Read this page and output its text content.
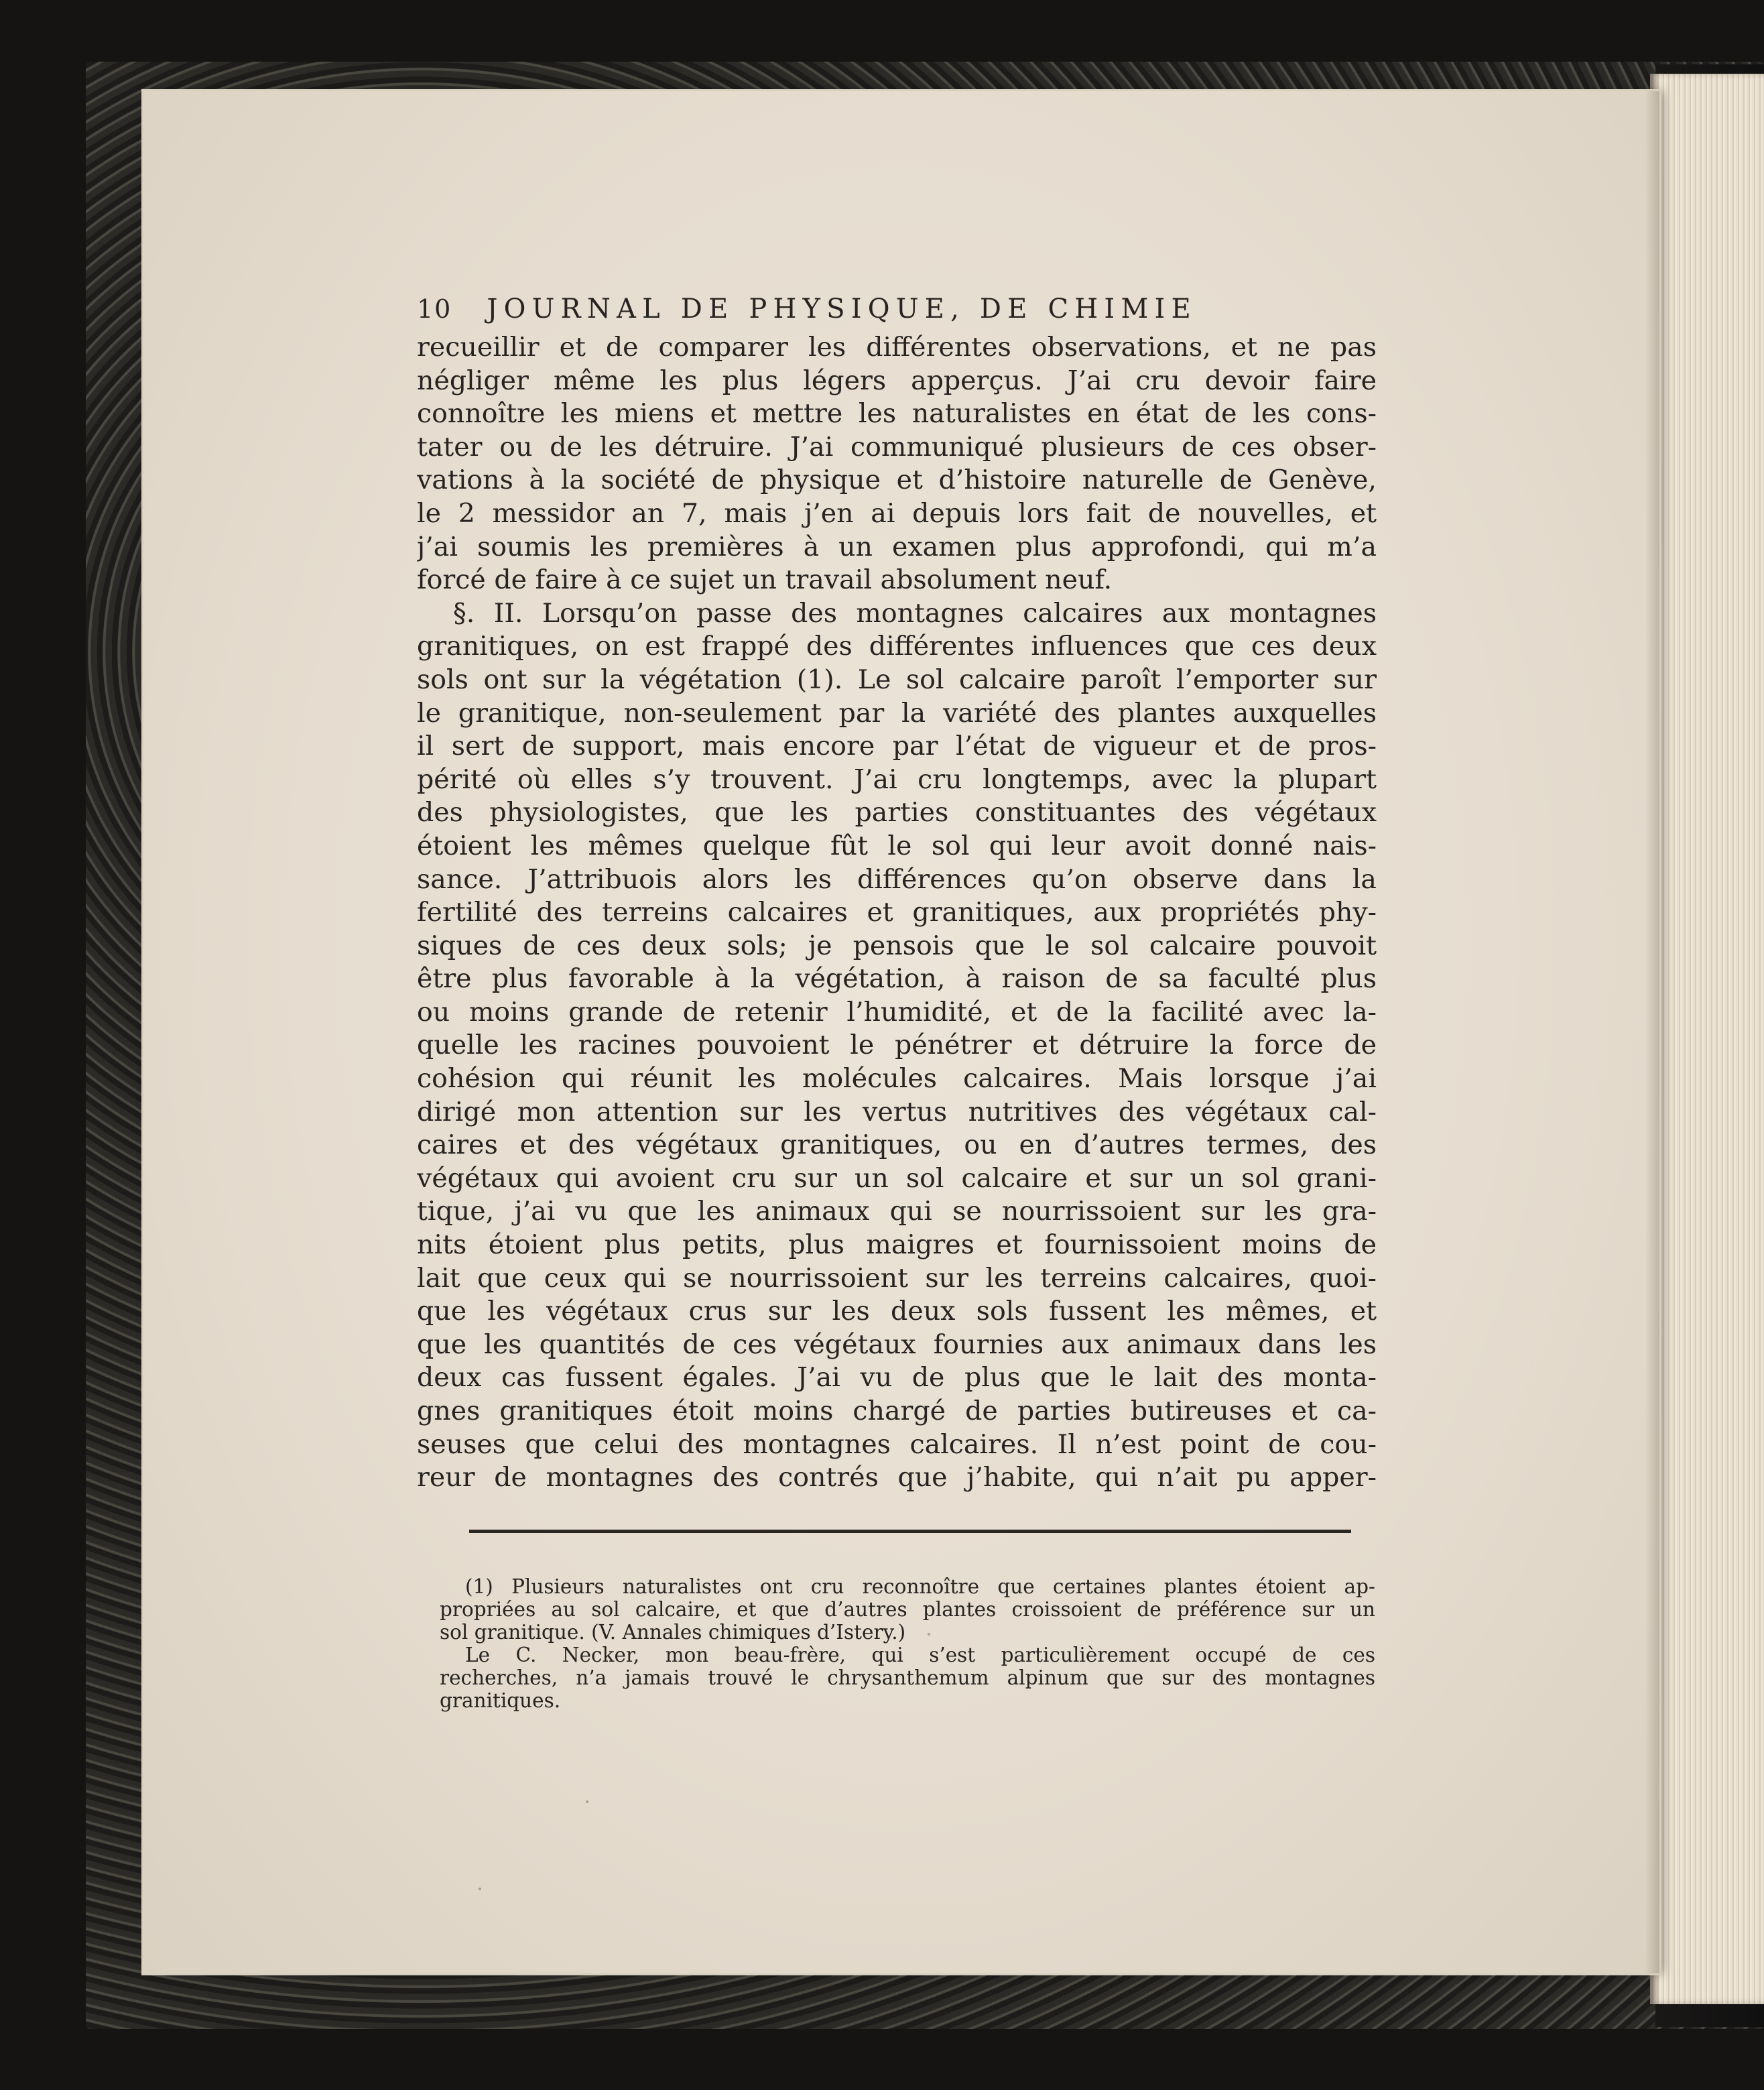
10 JOURNAL DE PHYSIQUE, DE CHIMIE
recueillir et de comparer les différentes observations, et ne pas
négliger même les plus légers apperçus. J’ai cru devoir faire
connoître les miens et mettre les naturalistes en état de les cons-
tater ou de les détruire. J’ai communiqué plusieurs de ces obser-
vations à la société de physique et d’histoire naturelle de Genève,
le 2 messidor an 7, mais j’en ai depuis lors fait de nouvelles, et
j’ai soumis les premières à un examen plus approfondi, qui m’a
forcé de faire à ce sujet un travail absolument neuf.
§. II. Lorsqu’on passe des montagnes calcaires aux montagnes
granitiques, on est frappé des différentes influences que ces deux
sols ont sur la végétation (1). Le sol calcaire paroît l’emporter sur
le granitique, non-seulement par la variété des plantes auxquelles
il sert de support, mais encore par l’état de vigueur et de pros-
périté où elles s’y trouvent. J’ai cru longtemps, avec la plupart
des physiologistes, que les parties constituantes des végétaux
étoient les mêmes quelque fût le sol qui leur avoit donné nais-
sance. J’attribuois alors les différences qu’on observe dans la
fertilité des terreins calcaires et granitiques, aux propriétés phy-
siques de ces deux sols; je pensois que le sol calcaire pouvoit
être plus favorable à la végétation, à raison de sa faculté plus
ou moins grande de retenir l’humidité, et de la facilité avec la-
quelle les racines pouvoient le pénétrer et détruire la force de
cohésion qui réunit les molécules calcaires. Mais lorsque j’ai
dirigé mon attention sur les vertus nutritives des végétaux cal-
caires et des végétaux granitiques, ou en d’autres termes, des
végétaux qui avoient cru sur un sol calcaire et sur un sol grani-
tique, j’ai vu que les animaux qui se nourrissoient sur les gra-
nits étoient plus petits, plus maigres et fournissoient moins de
lait que ceux qui se nourrissoient sur les terreins calcaires, quoi-
que les végétaux crus sur les deux sols fussent les mêmes, et
que les quantités de ces végétaux fournies aux animaux dans les
deux cas fussent égales. J’ai vu de plus que le lait des monta-
gnes granitiques étoit moins chargé de parties butireuses et ca-
seuses que celui des montagnes calcaires. Il n’est point de cou-
reur de montagnes des contrés que j’habite, qui n’ait pu apper-
(1) Plusieurs naturalistes ont cru reconnoître que certaines plantes étoient ap-
propriées au sol calcaire, et que d’autres plantes croissoient de préférence sur un
sol granitique. (V. Annales chimiques d’Istery.)
Le C. Necker, mon beau-frère, qui s’est particulièrement occupé de ces
recherches, n’a jamais trouvé le chrysanthemum alpinum que sur des montagnes
granitiques.
